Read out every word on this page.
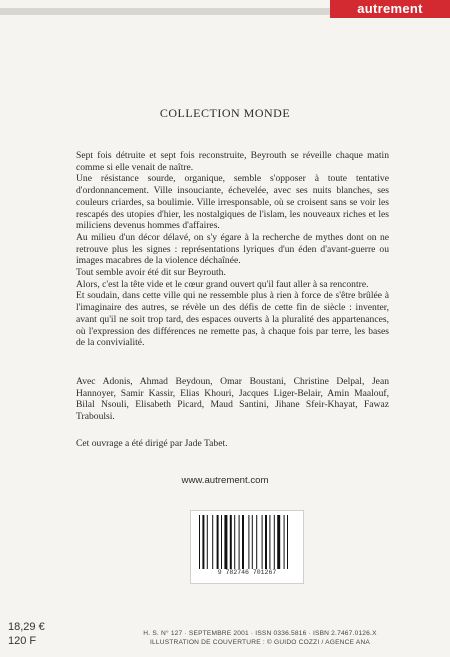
autrement
COLLECTION MONDE

Sept fois détruite et sept fois reconstruite, Beyrouth se réveille chaque matin comme si elle venait de naître.

Une résistance sourde, organique, semble s'opposer à toute tentative d'ordonnancement. Ville insouciante, échevelée, avec ses nuits blanches, ses couleurs criardes, sa boulimie. Ville irresponsable, où se croisent sans se voir les rescapés des utopies d'hier, les nostalgiques de l'islam, les nouveaux riches et les miliciens devenus hommes d'affaires.

Au milieu d'un décor délavé, on s'y égare à la recherche de mythes dont on ne retrouve plus les signes : représentations lyriques d'un éden d'avant-guerre ou images macabres de la violence déchaînée.

Tout semble avoir été dit sur Beyrouth.

Alors, c'est la tête vide et le cœur grand ouvert qu'il faut aller à sa rencontre.

Et soudain, dans cette ville qui ne ressemble plus à rien à force de s'être brûlée à l'imaginaire des autres, se révèle un des défis de cette fin de siècle : inventer, avant qu'il ne soit trop tard, des espaces ouverts à la pluralité des appartenances, où l'expression des différences ne remette pas, à chaque fois par terre, les bases de la convivialité.

Avec Adonis, Ahmad Beydoun, Omar Boustani, Christine Delpal, Jean Hannoyer, Samir Kassir, Elias Khouri, Jacques Liger-Belair, Amin Maalouf, Bilal Nsouli, Elisabeth Picard, Maud Santini, Jihane Sfeir-Khayat, Fawaz Traboulsi.
Cet ouvrage a été dirigé par Jade Tabet.
www.autrement.com
9 782746 701267
18,29 €
120 F
H. S. N° 127 · SEPTEMBRE 2001 · ISSN 0336.5816 · ISBN 2.7467.0126.X
ILLUSTRATION DE COUVERTURE : © GUIDO COZZI / AGENCE ANA
